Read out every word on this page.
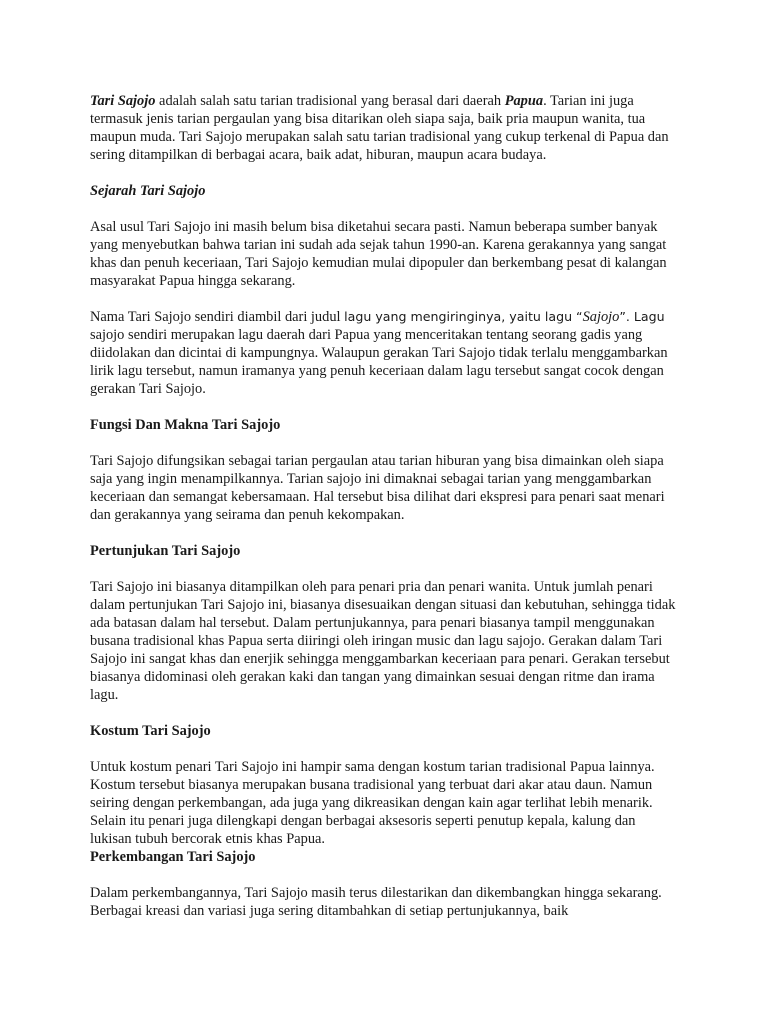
Tari Sajojo adalah salah satu tarian tradisional yang berasal dari daerah Papua. Tarian ini juga termasuk jenis tarian pergaulan yang bisa ditarikan oleh siapa saja, baik pria maupun wanita, tua maupun muda. Tari Sajojo merupakan salah satu tarian tradisional yang cukup terkenal di Papua dan sering ditampilkan di berbagai acara, baik adat, hiburan, maupun acara budaya.

Sejarah Tari Sajojo

Asal usul Tari Sajojo ini masih belum bisa diketahui secara pasti. Namun beberapa sumber banyak yang menyebutkan bahwa tarian ini sudah ada sejak tahun 1990-an. Karena gerakannya yang sangat khas dan penuh keceriaan, Tari Sajojo kemudian mulai dipopuler dan berkembang pesat di kalangan masyarakat Papua hingga sekarang.

Nama Tari Sajojo sendiri diambil dari judul lagu yang mengiringinya, yaitu lagu “Sajojo”. Lagu sajojo sendiri merupakan lagu daerah dari Papua yang menceritakan tentang seorang gadis yang diidolakan dan dicintai di kampungnya. Walaupun gerakan Tari Sajojo tidak terlalu menggambarkan lirik lagu tersebut, namun iramanya yang penuh keceriaan dalam lagu tersebut sangat cocok dengan gerakan Tari Sajojo.

Fungsi Dan Makna Tari Sajojo

Tari Sajojo difungsikan sebagai tarian pergaulan atau tarian hiburan yang bisa dimainkan oleh siapa saja yang ingin menampilkannya. Tarian sajojo ini dimaknai sebagai tarian yang menggambarkan keceriaan dan semangat kebersamaan. Hal tersebut bisa dilihat dari ekspresi para penari saat menari dan gerakannya yang seirama dan penuh kekompakan.

Pertunjukan Tari Sajojo

Tari Sajojo ini biasanya ditampilkan oleh para penari pria dan penari wanita. Untuk jumlah penari dalam pertunjukan Tari Sajojo ini, biasanya disesuaikan dengan situasi dan kebutuhan, sehingga tidak ada batasan dalam hal tersebut. Dalam pertunjukannya, para penari biasanya tampil menggunakan busana tradisional khas Papua serta diiringi oleh iringan music dan lagu sajojo. Gerakan dalam Tari Sajojo ini sangat khas dan enerjik sehingga menggambarkan keceriaan para penari. Gerakan tersebut biasanya didominasi oleh gerakan kaki dan tangan yang dimainkan sesuai dengan ritme dan irama lagu.

Kostum Tari Sajojo

Untuk kostum penari Tari Sajojo ini hampir sama dengan kostum tarian tradisional Papua lainnya. Kostum tersebut biasanya merupakan busana tradisional yang terbuat dari akar atau daun. Namun seiring dengan perkembangan, ada juga yang dikreasikan dengan kain agar terlihat lebih menarik. Selain itu penari juga dilengkapi dengan berbagai aksesoris seperti penutup kepala, kalung dan lukisan tubuh bercorak etnis khas Papua.

Perkembangan Tari Sajojo

Dalam perkembangannya, Tari Sajojo masih terus dilestarikan dan dikembangkan hingga sekarang. Berbagai kreasi dan variasi juga sering ditambahkan di setiap pertunjukannya, baik
